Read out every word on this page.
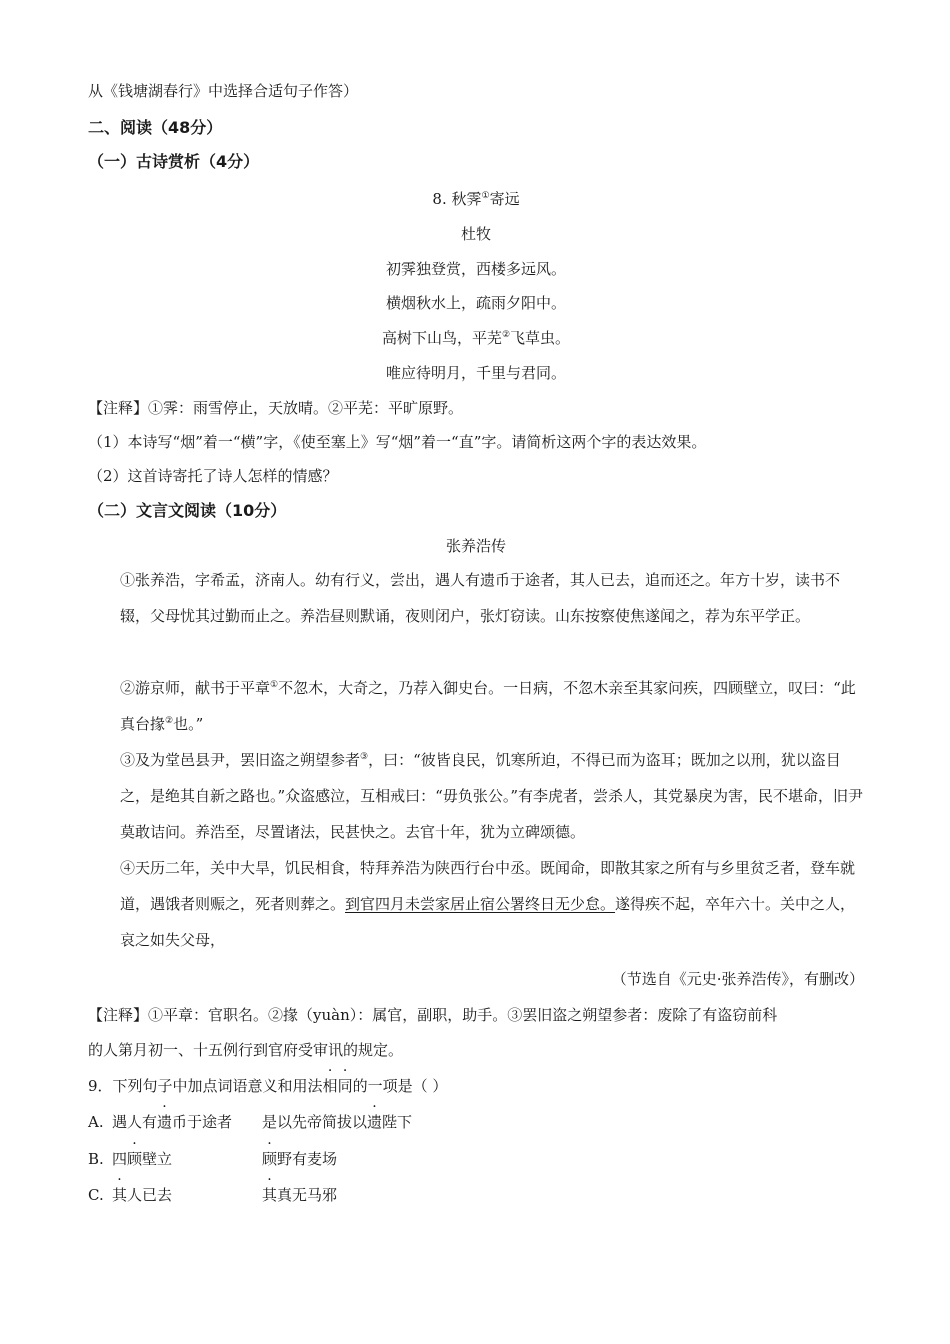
从《钱塘湖春行》中选择合适句子作答）
二、阅读（48分）
（一）古诗赏析（4分）
8. 秋霁①寄远
杜牧
初霁独登赏，西楼多远风。
横烟秋水上，疏雨夕阳中。
高树下山鸟，平芜②飞草虫。
唯应待明月，千里与君同。
【注释】①霁：雨雪停止，天放晴。②平芜：平旷原野。
（1）本诗写“烟”着一“横”字，《使至塞上》写“烟”着一“直”字。请简析这两个字的表达效果。
（2）这首诗寄托了诗人怎样的情感？
（二）文言文阅读（10分）
张养浩传
①张养浩，字希孟，济南人。幼有行义，尝出，遇人有遗币于途者，其人已去，追而还之。年方十岁，读书不辍，父母忧其过勤而止之。养浩昼则默诵，夜则闭户，张灯窃读。山东按察使焦遂闻之，荐为东平学正。
②游京师，献书于平章①不忽木，大奇之，乃荐入御史台。一日病，不忽木亲至其家问疾，四顾壁立，叹曰：“此真台掾②也。”
③及为堂邑县尹，罢旧盗之朔望参者③，曰：“彼皆良民，饥寒所迫，不得已而为盗耳；既加之以刑，犹以盗目之，是绝其自新之路也。”众盗感泣，互相戒曰：“毋负张公。”有李虎者，尝杀人，其党暴戾为害，民不堪命，旧尹莫敢诘问。养浩至，尽置诸法，民甚快之。去官十年，犹为立碑颂德。
④天历二年，关中大旱，饥民相食，特拜养浩为陕西行台中丞。既闻命，即散其家之所有与乡里贫乏者，登车就道，遇饿者则赈之，死者则葬之。到官四月未尝家居止宿公署终日无少怠。遂得疾不起，卒年六十。关中之人，哀之如失父母，
（节选自《元史·张养浩传》，有删改）
【注释】①平章：官职名。②掾（yuàn）：属官，副职，助手。③罢旧盗之朔望参者：废除了有盗窃前科
的人第月初一、十五例行到官府受审讯的规定。
9．下列句子中加点词语意义和用法相同的一项是（ ）
A. 遇人有遗币于途者 是以先帝简拔以遗陛下
B. 四顾壁立	顾野有麦场
C. 其人已去	其真无马邪
